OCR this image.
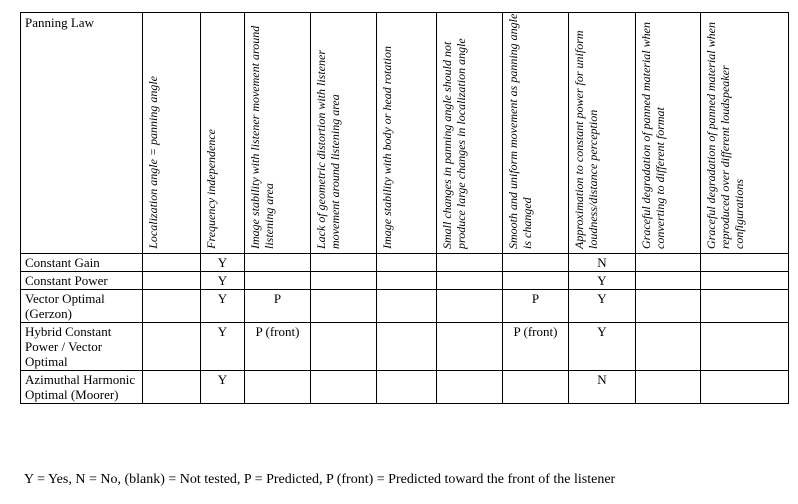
Panning Law	Localization angle = panning angle	Frequency independence	Image stability with listener movement around listening area	Lack of geometric distortion with listener movement around listening area	Image stability with body or head rotation	Small changes in panning angle should not produce large changes in localization angle	Smooth and uniform movement as panning angle is changed	Approximation to constant power for uniform loudness/distance perception	Graceful degradation of panned material when converting to different format	Graceful degradation of panned material when reproduced over different loudspeaker configurations

Constant Gain		Y						N		
Constant Power		Y						Y		
Vector Optimal (Gerzon)		Y	P				P	Y		
Hybrid Constant Power / Vector Optimal		Y	P (front)				P (front)	Y		
Azimuthal Harmonic Optimal (Moorer)		Y						N		
Y = Yes, N = No, (blank) = Not tested, P = Predicted, P (front) = Predicted toward the front of the listener
